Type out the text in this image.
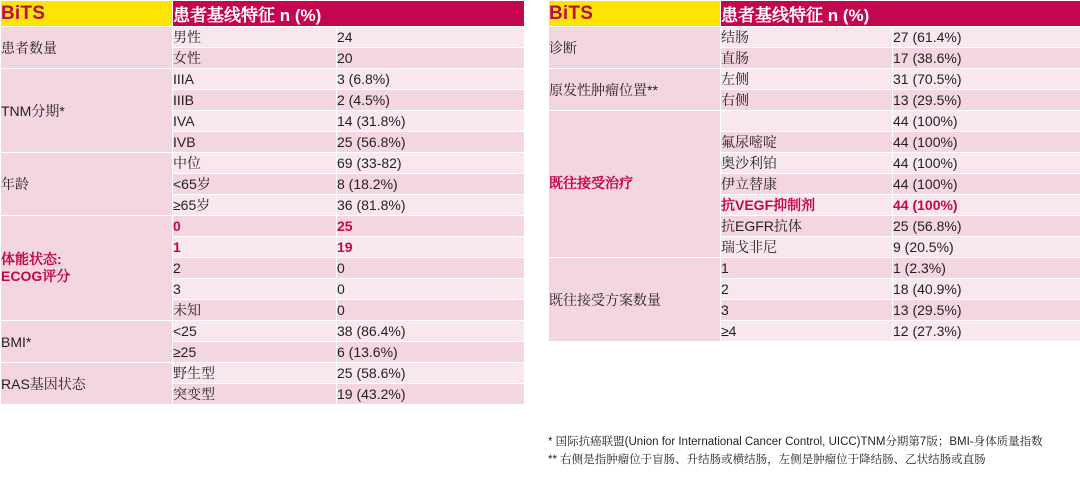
BiTS	患者基线特征 n (%)	
患者数量	男性	24
	女性	20
TNM分期*	IIIA	3 (6.8%)
	IIIB	2 (4.5%)
	IVA	14 (31.8%)
	IVB	25 (56.8%)
年龄	中位	69 (33-82)
	<65岁	8 (18.2%)
	≥65岁	36 (81.8%)

体能状态:
ECOG评分	0	25
	1	19
	2	0
	3	0
	未知	0
BMI*	<25	38 (86.4%)
	≥25	6 (13.6%)
RAS基因状态	野生型	25 (58.6%)
	突变型	19 (43.2%)
BiTS	患者基线特征 n (%)	
诊断	结肠	27 (61.4%)
	直肠	17 (38.6%)
原发性肿瘤位置**	左侧	31 (70.5%)
	右侧	13 (29.5%)
既往接受治疗		44 (100%)
	氟尿嘧啶	44 (100%)
	奥沙利铂	44 (100%)
	伊立替康	44 (100%)
	抗VEGF抑制剂	44 (100%)
	抗EGFR抗体	25 (56.8%)
	瑞戈非尼	9 (20.5%)
既往接受方案数量	1	1 (2.3%)
	2	18 (40.9%)
	3	13 (29.5%)
	≥4	12 (27.3%)
* 国际抗癌联盟(Union for International Cancer Control, UICC)TNM分期第7版；BMI-身体质量指数
** 右侧是指肿瘤位于盲肠、升结肠或横结肠，左侧是肿瘤位于降结肠、乙状结肠或直肠
